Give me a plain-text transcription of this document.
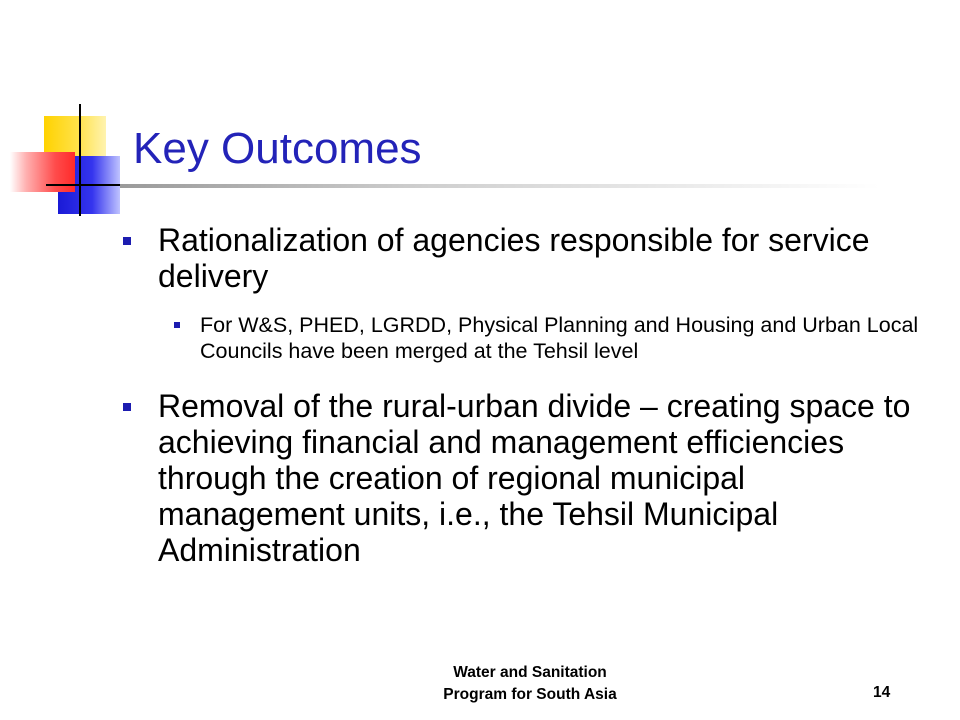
Key Outcomes
Rationalization of agencies responsible for service delivery
For W&S, PHED, LGRDD, Physical Planning and Housing and Urban Local Councils have been merged at the Tehsil level
Removal of the rural-urban divide – creating space to achieving financial and management efficiencies through the creation of regional municipal management units, i.e., the Tehsil Municipal Administration
Water and Sanitation
Program for South Asia	14
